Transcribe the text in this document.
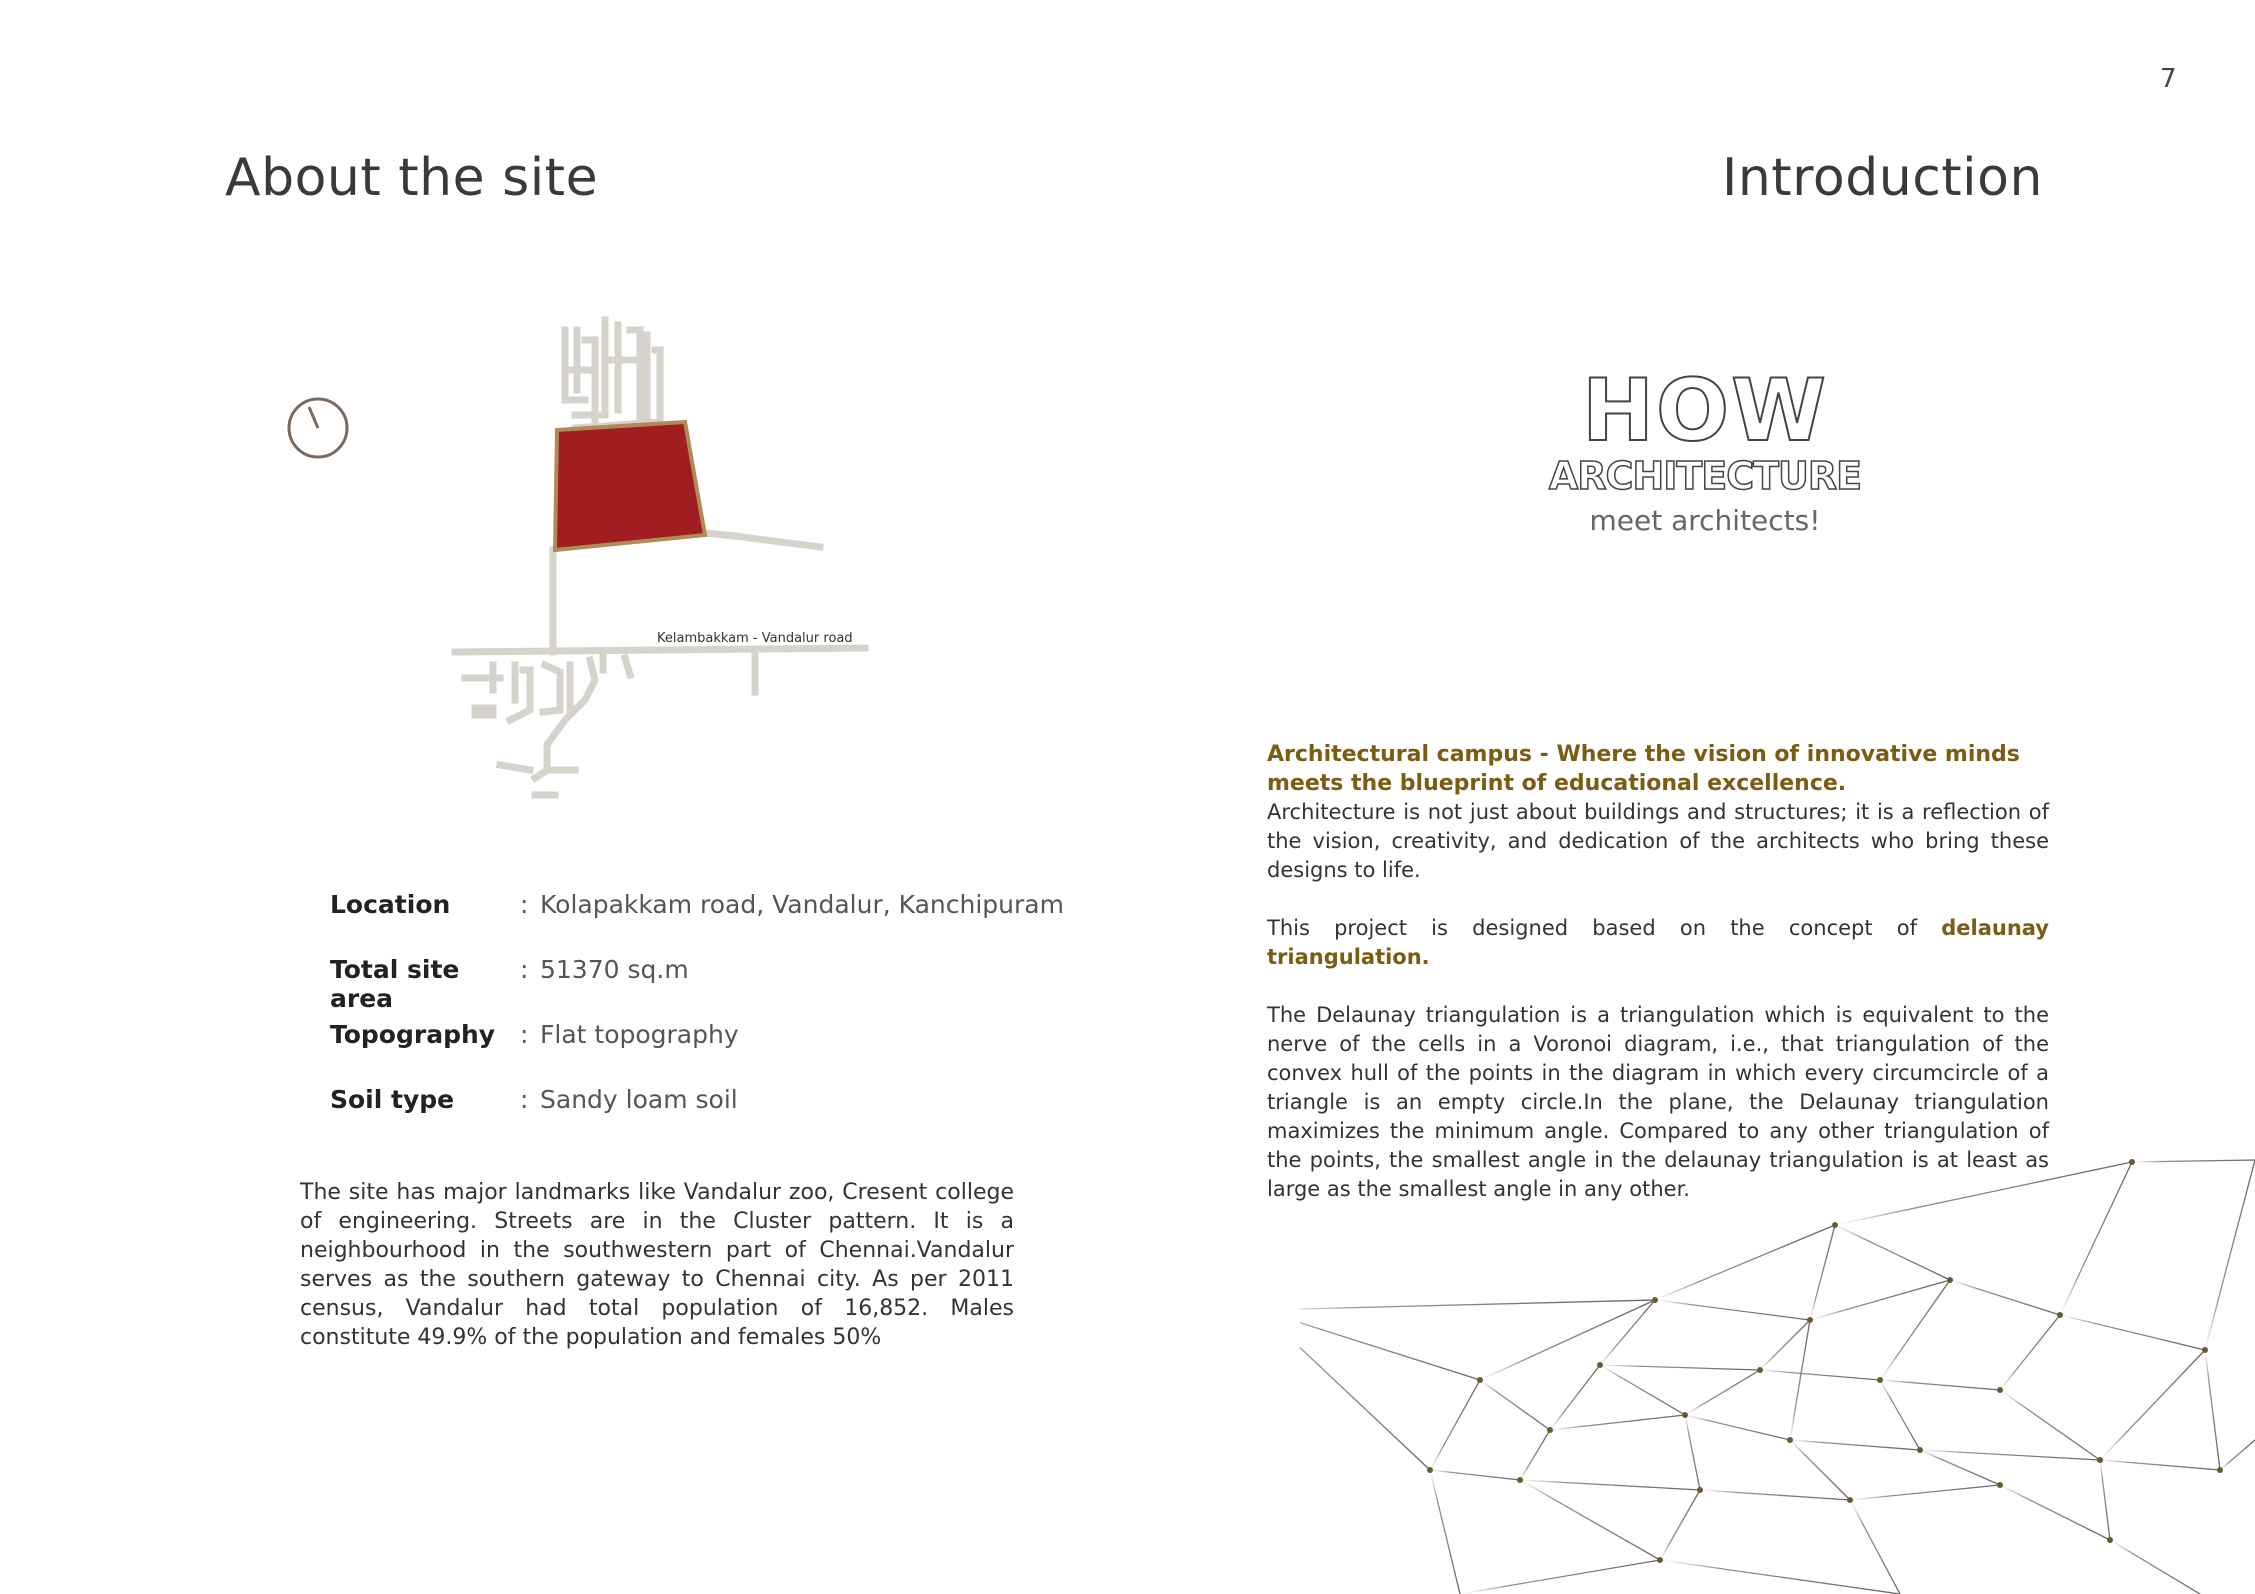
7
About the site	Introduction
Kelambakkam - Vandalur road
Location	: Kolapakkam road, Vandalur, Kanchipuram
Total site area
: 51370 sq.m
Topography : Flat topography
Soil type	: Sandy loam soil

The site has major landmarks like Vandalur zoo, Cresent college of engineering. Streets are in the Cluster pattern. It is a neighbourhood in the southwestern part of Chennai.Vandalur serves as the southern gateway to Chennai city. As per 2011 census, Vandalur had total population of 16,852. Males constitute 49.9% of the population and females 50%

HOW
ARCHITECTURE
meet architects!
Architectural campus - Where the vision of innovative minds meets the blueprint of educational excellence.

Architecture is not just about buildings and structures; it is a reflection of the vision, creativity, and dedication of the architects who bring these designs to life.

This project is designed based on the concept of delaunay triangulation.

The Delaunay triangulation is a triangulation which is equivalent to the nerve of the cells in a Voronoi diagram, i.e., that triangulation of the convex hull of the points in the diagram in which every circumcircle of a triangle is an empty circle.In the plane, the Delaunay triangulation maximizes the minimum angle. Compared to any other triangulation of the points, the smallest angle in the delaunay triangulation is at least as large as the smallest angle in any other.
